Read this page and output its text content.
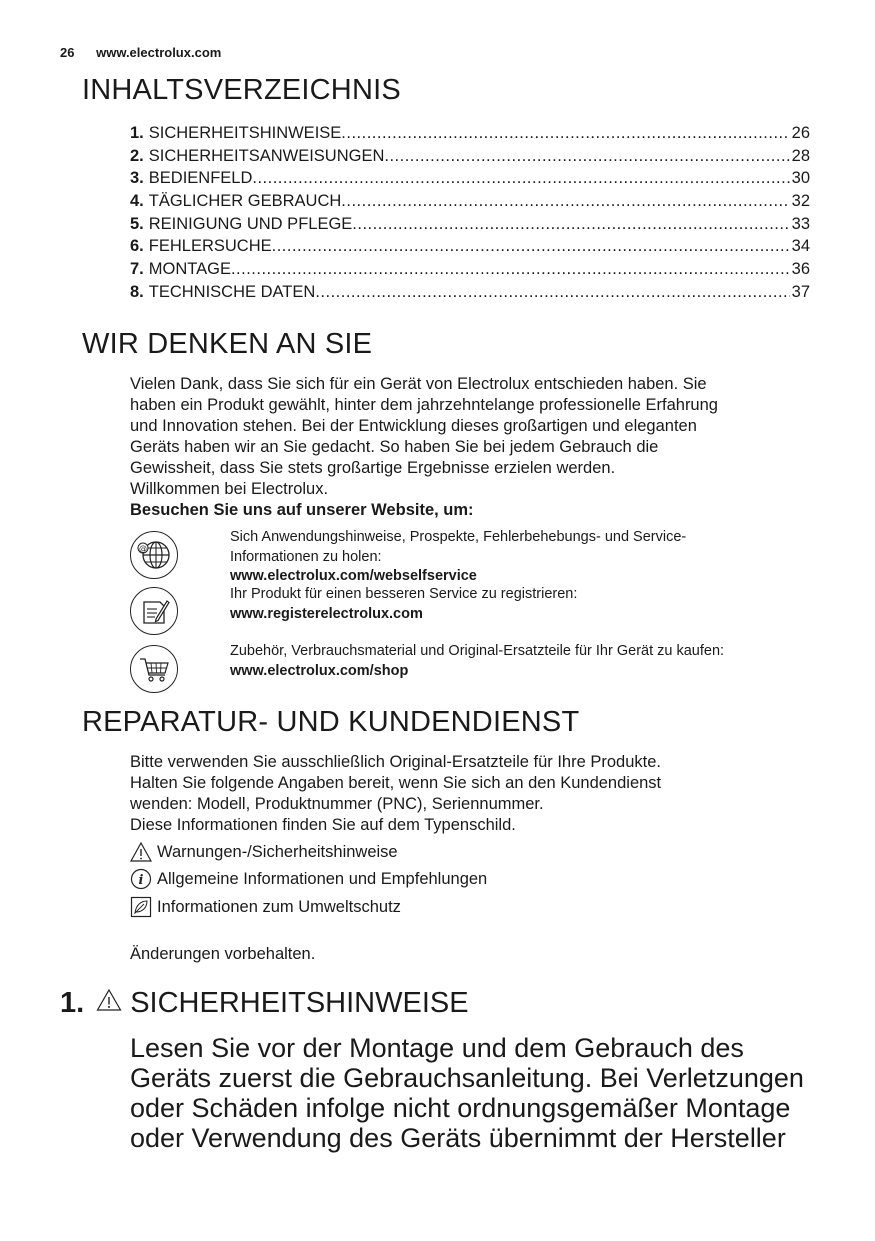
26 www.electrolux.com
INHALTSVERZEICHNIS
1. SICHERHEITSHINWEISE .....	26
2. SICHERHEITSANWEISUNGEN .....	28
3. BEDIENFELD .....	30
4. TÄGLICHER GEBRAUCH .....	32
5. REINIGUNG UND PFLEGE .....	33
6. FEHLERSUCHE .....	34
7. MONTAGE .....	36
8. TECHNISCHE DATEN .....	37
WIR DENKEN AN SIE

Vielen Dank, dass Sie sich für ein Gerät von Electrolux entschieden haben. Sie

haben ein Produkt gewählt, hinter dem jahrzehntelange professionelle Erfahrung

und Innovation stehen. Bei der Entwicklung dieses großartigen und eleganten

Geräts haben wir an Sie gedacht. So haben Sie bei jedem Gebrauch die

Gewissheit, dass Sie stets großartige Ergebnisse erzielen werden.

Willkommen bei Electrolux.

Besuchen Sie uns auf unserer Website, um:

@
Sich Anwendungshinweise, Prospekte, Fehlerbehebungs- und Service-
Informationen zu holen:
www.electrolux.com/webselfservice
Ihr Produkt für einen besseren Service zu registrieren:
www.registerelectrolux.com
Zubehör, Verbrauchsmaterial und Original-Ersatzteile für Ihr Gerät zu kaufen:
www.electrolux.com/shop
REPARATUR- UND KUNDENDIENST

Bitte verwenden Sie ausschließlich Original-Ersatzteile für Ihre Produkte.

Halten Sie folgende Angaben bereit, wenn Sie sich an den Kundendienst

wenden: Modell, Produktnummer (PNC), Seriennummer.

Diese Informationen finden Sie auf dem Typenschild.

Warnungen-/Sicherheitshinweise
i Allgemeine Informationen und Empfehlungen
Informationen zum Umweltschutz

Änderungen vorbehalten.

1. SICHERHEITSHINWEISE

Lesen Sie vor der Montage und dem Gebrauch des

Geräts zuerst die Gebrauchsanleitung. Bei Verletzungen

oder Schäden infolge nicht ordnungsgemäßer Montage

oder Verwendung des Geräts übernimmt der Hersteller
